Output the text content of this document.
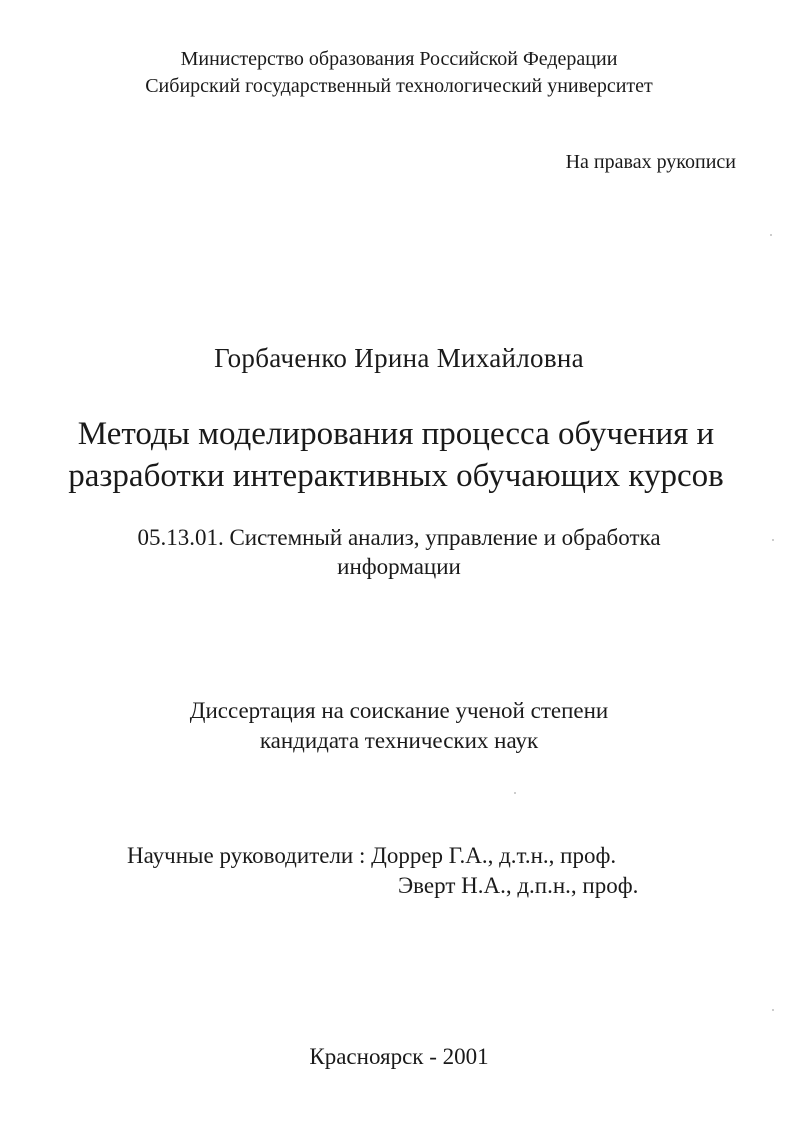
Министерство образования Российской Федерации
Сибирский государственный технологический университет
На правах рукописи
Горбаченко Ирина Михайловна
Методы моделирования процесса обучения и
разработки интерактивных обучающих курсов
05.13.01. Системный анализ, управление и обработка
информации
Диссертация на соискание ученой степени
кандидата технических наук
Научные руководители : Доррер Г.А., д.т.н., проф.
Эверт Н.А., д.п.н., проф.
Красноярск - 2001
